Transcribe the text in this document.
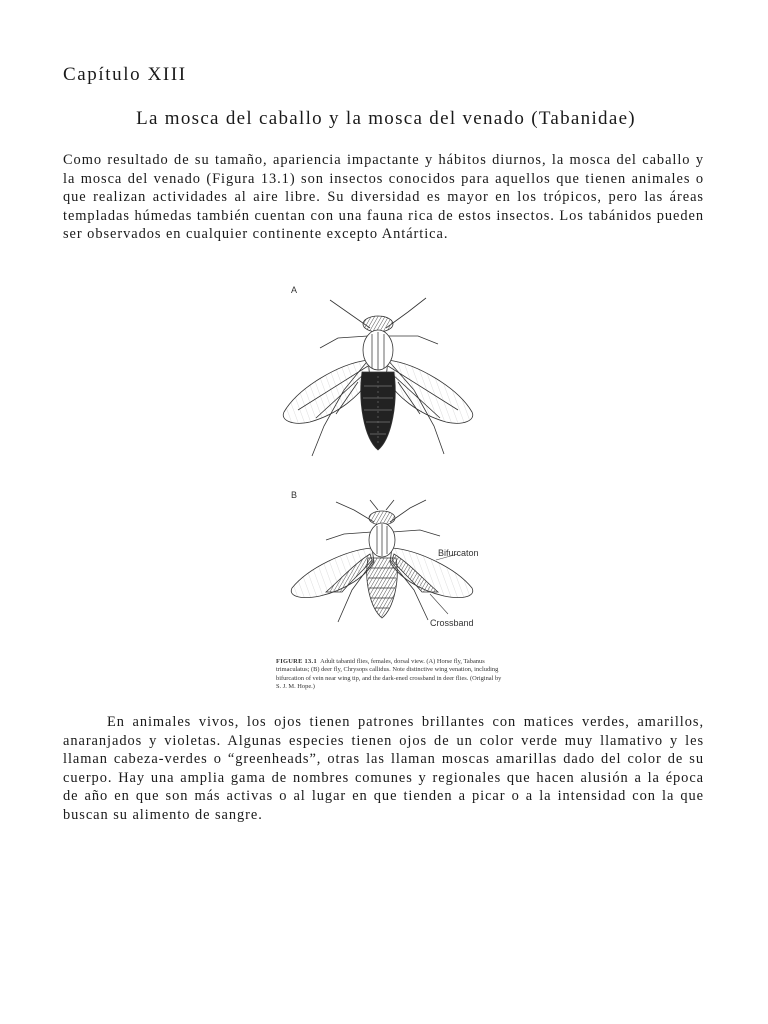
Capítulo XIII
La mosca del caballo y la mosca del venado (Tabanidae)

Como resultado de su tamaño, apariencia impactante y hábitos diurnos, la mosca del caballo y la mosca del venado (Figura 13.1) son insectos conocidos para aquellos que tienen animales o que realizan actividades al aire libre. Su diversidad es mayor en los trópicos, pero las áreas templadas húmedas también cuentan con una fauna rica de estos insectos. Los tabánidos pueden ser observados en cualquier continente excepto Antártica.

A
B
Bifurcaton
Crossband

FIGURE 13.1 Adult tabanid flies, females, dorsal view. (A) Horse fly, Tabanus trimaculatus; (B) deer fly, Chrysops callidus. Note distinctive wing venation, including bifurcation of vein near wing tip, and the dark-ened crossband in deer flies. (Original by S. J. M. Hope.)

En animales vivos, los ojos tienen patrones brillantes con matices verdes, amarillos, anaranjados y violetas. Algunas especies tienen ojos de un color verde muy llamativo y les llaman cabeza-verdes o “greenheads”, otras las llaman moscas amarillas dado del color de su cuerpo. Hay una amplia gama de nombres comunes y regionales que hacen alusión a la época de año en que son más activas o al lugar en que tienden a picar o a la intensidad con la que buscan su alimento de sangre.
